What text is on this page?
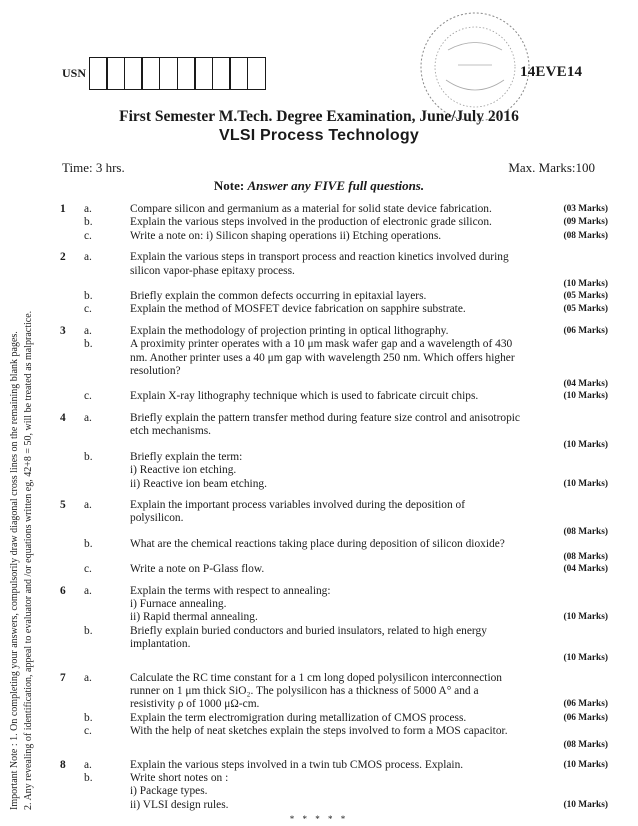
USN	14EVE14
First Semester M.Tech. Degree Examination, June/July 2016
VLSI Process Technology
Time: 3 hrs.	Max. Marks:100
Note: Answer any FIVE full questions.
Important Note : 1. On completing your answers, compulsorily draw diagonal cross lines on the remaining blank pages. 2. Any revealing of identification, appeal to evaluator and /or equations written eg, 42+8 = 50, will be treated as malpractice.
1	a.	Compare silicon and germanium as a material for solid state device fabrication.	(03 Marks)
b.	Explain the various steps involved in the production of electronic grade silicon.	(09 Marks)
c.	Write a note on: i) Silicon shaping operations ii) Etching operations.	(08 Marks)
2	a.	Explain the various steps in transport process and reaction kinetics involved during silicon vapor-phase epitaxy process.
(10 Marks)
b.	Briefly explain the common defects occurring in epitaxial layers.	(05 Marks)
c.	Explain the method of MOSFET device fabrication on sapphire substrate.	(05 Marks)
3	a.	Explain the methodology of projection printing in optical lithography.	(06 Marks)
b.	A proximity printer operates with a 10 μm mask wafer gap and a wavelength of 430 nm. Another printer uses a 40 μm gap with wavelength 250 nm. Which offers higher resolution?
(04 Marks)
c.	Explain X-ray lithography technique which is used to fabricate circuit chips.	(10 Marks)
4	a.	Briefly explain the pattern transfer method during feature size control and anisotropic etch mechanisms.
(10 Marks)
b.	Briefly explain the term:
i) Reactive ion etching.
ii) Reactive ion beam etching.	(10 Marks)
5	a.	Explain the important process variables involved during the deposition of polysilicon.
(08 Marks)
b.	What are the chemical reactions taking place during deposition of silicon dioxide?
(08 Marks)
c.	Write a note on P-Glass flow.	(04 Marks)
6	a.	Explain the terms with respect to annealing:
i) Furnace annealing.
ii) Rapid thermal annealing.	(10 Marks)
b.	Briefly explain buried conductors and buried insulators, related to high energy implantation.
(10 Marks)
7	a.	Calculate the RC time constant for a 1 cm long doped polysilicon interconnection runner on 1 μm thick SiO₂. The polysilicon has a thickness of 5000 A° and a resistivity ρ of 1000 μΩ-cm.	(06 Marks)
b.	Explain the term electromigration during metallization of CMOS process.	(06 Marks)
c.	With the help of neat sketches explain the steps involved to form a MOS capacitor.
(08 Marks)
8	a.	Explain the various steps involved in a twin tub CMOS process. Explain.	(10 Marks)
b.	Write short notes on :
i) Package types.
ii) VLSI design rules.	(10 Marks)
* * * * *
